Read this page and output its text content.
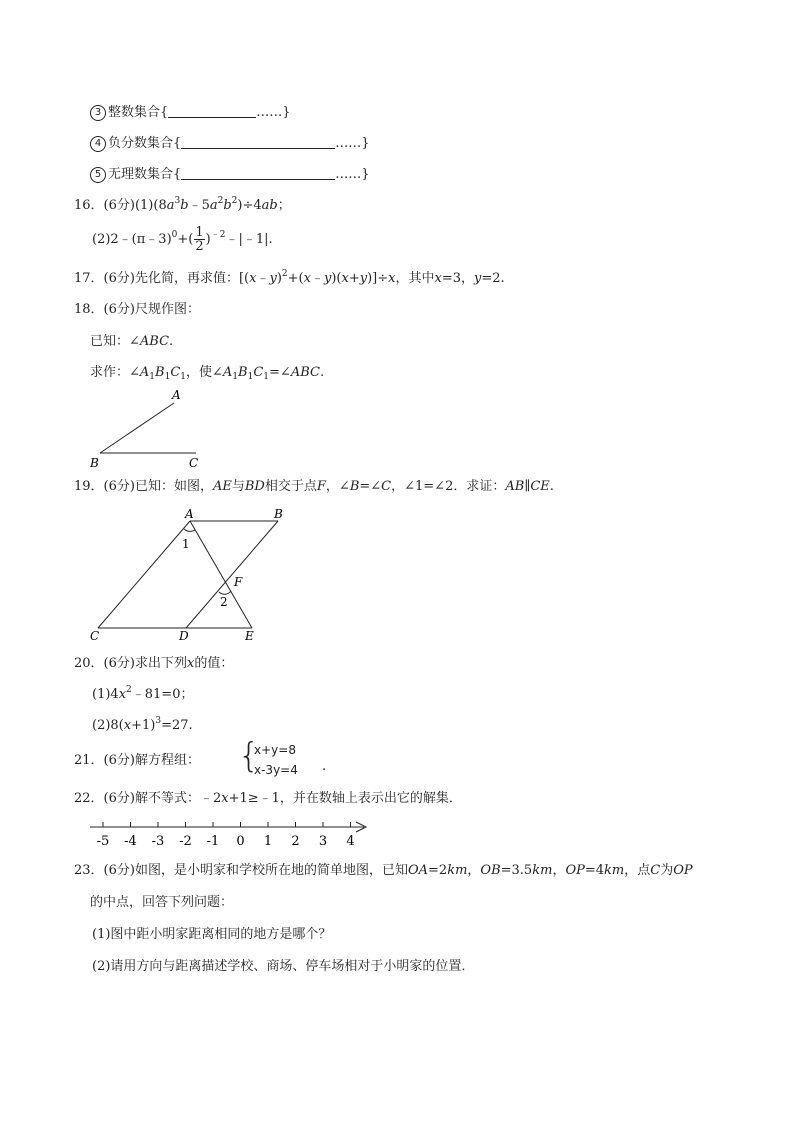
3 整数集合{	……}
4 负分数集合{	……}
5 无理数集合{	……}
16．(6分)$(1)(8a^3b﹣5a^2b^2)\div 4ab$；
(2)2﹣(π﹣3)$^0$+( $\frac{1}{2}$ )$^{﹣2}$﹣|﹣1|.
17．(6分)先化简，再求值：[(x﹣y)$^2$+(x﹣y)(x+y)]÷x，其中x=3，y=2.
18．(6分)尺规作图：
已知：∠ABC.
求作：$\angle A_1B_1C_1$，使$\angle A_1B_1C_1=\angle ABC$.
A
B	C
19．(6分)已知：如图，AE与BD相交于点F，∠B=∠C，∠1=∠2．求证：AB∥CE.
A	B
C	D	E
F
1
2
20．(6分)求出下列x的值：
$(1)4x^2﹣81=0$；
$(2)8(x+1)^3=27$.
21．(6分)解方程组： {
x+y=8
x-3y=4 .
22．(6分)解不等式：﹣2x+1≥﹣1，并在数轴上表示出它的解集．
-5 -4 -3 -2 -1 0 1 2 3 4
23．(6分)如图，是小明家和学校所在地的简单地图，已知OA=2km，OB=3.5km，OP=4km，点C为OP
的中点，回答下列问题：
(1)图中距小明家距离相同的地方是哪个？
(2)请用方向与距离描述学校、商场、停车场相对于小明家的位置．
